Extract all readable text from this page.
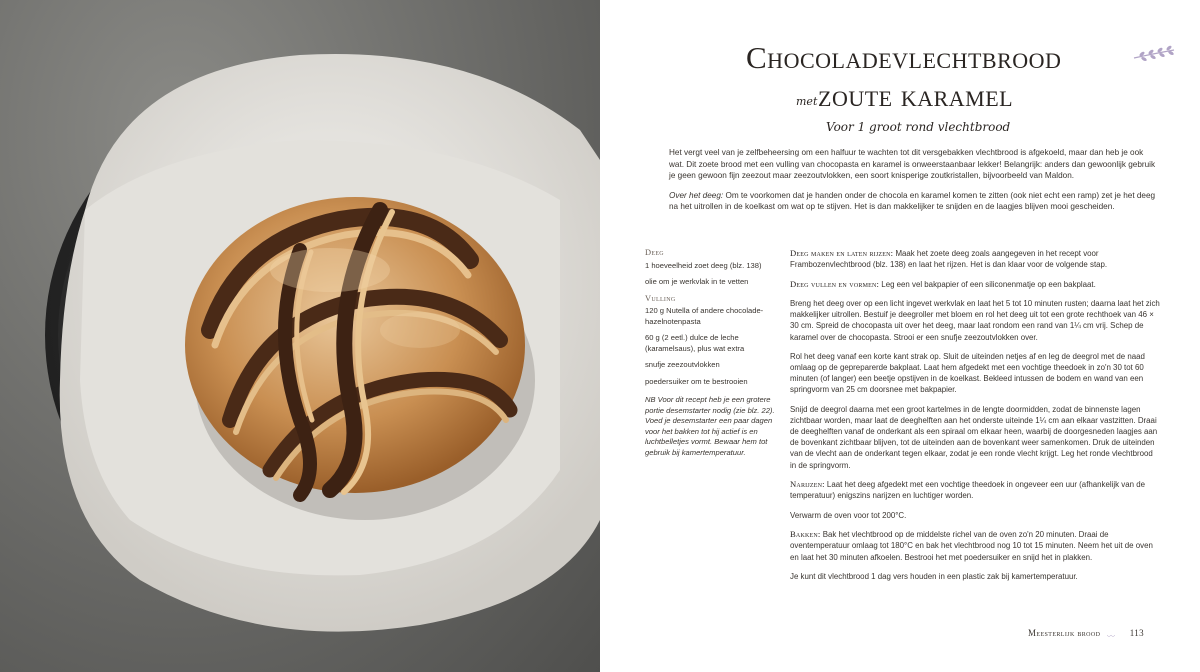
Chocoladevlechtbrood
met zoute karamel
Voor 1 groot rond vlechtbrood

Het vergt veel van je zelfbeheersing om een halfuur te wachten tot dit versgebakken vlechtbrood is afgekoeld, maar dan heb je ook wat. Dit zoete brood met een vulling van chocopasta en karamel is onweerstaanbaar lekker! Belangrijk: anders dan gewoonlijk gebruik je geen gewoon fijn zeezout maar zeezoutvlokken, een soort knisperige zoutkristallen, bijvoorbeeld van Maldon.

Over het deeg: Om te voorkomen dat je handen onder de chocola en karamel komen te zitten (ook niet echt een ramp) zet je het deeg na het uitrollen in de koelkast om wat op te stijven. Het is dan makkelijker te snijden en de laagjes blijven mooi gescheiden.

Deeg
1 hoeveelheid zoet deeg (blz. 138)
olie om je werkvlak in te vetten
Vulling
120 g Nutella of andere chocolade-hazelnotenpasta
60 g (2 eetl.) dulce de leche (karamelsaus), plus wat extra
snufje zeezoutvlokken
poedersuiker om te bestrooien
NB Voor dit recept heb je een grotere portie desemstarter nodig (zie blz. 22). Voed je desemstarter een paar dagen voor het bakken tot hij actief is en luchtbelletjes vormt. Bewaar hem tot gebruik bij kamertemperatuur.

Deeg maken en laten rijzen: Maak het zoete deeg zoals aangegeven in het recept voor Frambozenvlechtbrood (blz. 138) en laat het rijzen. Het is dan klaar voor de volgende stap.

Deeg vullen en vormen: Leg een vel bakpapier of een siliconenmatje op een bakplaat.

Breng het deeg over op een licht ingevet werkvlak en laat het 5 tot 10 minuten rusten; daarna laat het zich makkelijker uitrollen. Bestuif je deegroller met bloem en rol het deeg uit tot een grote rechthoek van 46 × 30 cm. Spreid de chocopasta uit over het deeg, maar laat rondom een rand van 1¼ cm vrij. Schep de karamel over de chocopasta. Strooi er een snufje zeezoutvlokken over.

Rol het deeg vanaf een korte kant strak op. Sluit de uiteinden netjes af en leg de deegrol met de naad omlaag op de gepreparerde bakplaat. Laat hem afgedekt met een vochtige theedoek in zo'n 30 tot 60 minuten (of langer) een beetje opstijven in de koelkast. Bekleed intussen de bodem en wand van een springvorm van 25 cm doorsnee met bakpapier.

Snijd de deegrol daarna met een groot kartelmes in de lengte doormidden, zodat de binnenste lagen zichtbaar worden, maar laat de deeghelften aan het onderste uiteinde 1¼ cm aan elkaar vastzitten. Draai de deeghelften vanaf de onderkant als een spiraal om elkaar heen, waarbij de doorgesneden laagjes aan de bovenkant zichtbaar blijven, tot de uiteinden aan de bovenkant weer samenkomen. Druk de uiteinden van de vlecht aan de onderkant tegen elkaar, zodat je een ronde vlecht krijgt. Leg het ronde vlechtbrood in de springvorm.

Narijzen: Laat het deeg afgedekt met een vochtige theedoek in ongeveer een uur (afhankelijk van de temperatuur) enigszins narijzen en luchtiger worden.

Verwarm de oven voor tot 200°C.

Bakken: Bak het vlechtbrood op de middelste richel van de oven zo'n 20 minuten. Draai de oventemperatuur omlaag tot 180°C en bak het vlechtbrood nog 10 tot 15 minuten. Neem het uit de oven en laat het 30 minuten afkoelen. Bestrooi het met poedersuiker en snijd het in plakken.

Je kunt dit vlechtbrood 1 dag vers houden in een plastic zak bij kamertemperatuur.

Meesterlijk brood 〰 113
